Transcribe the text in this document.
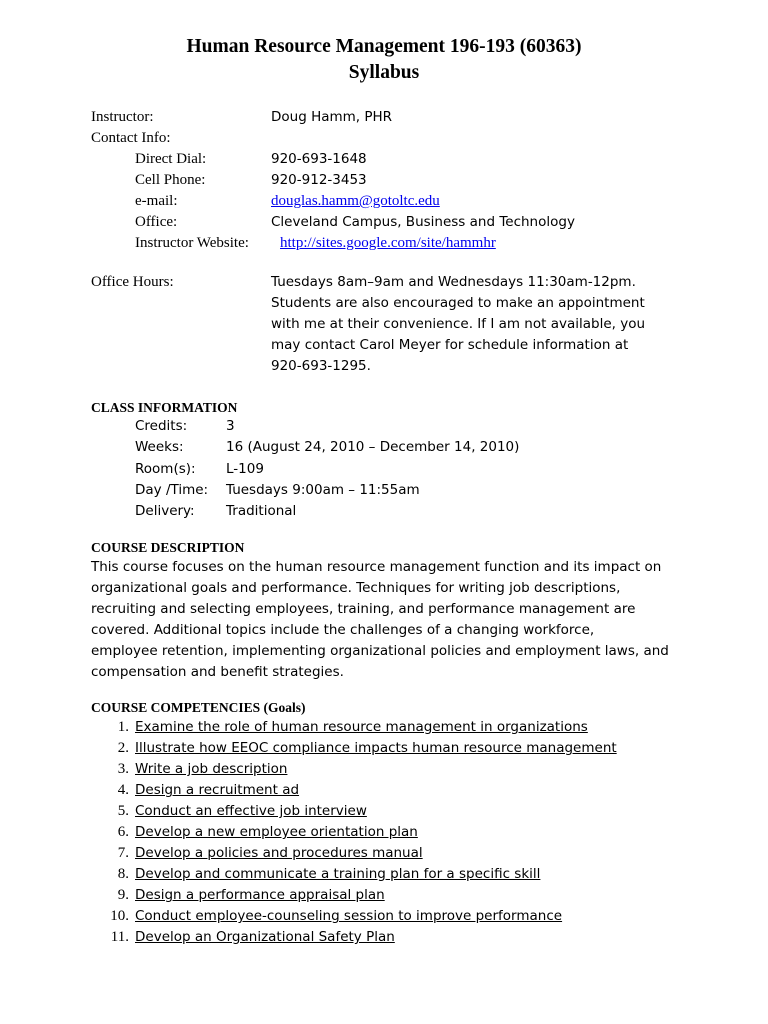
Human Resource Management 196-193 (60363)
Syllabus
Instructor:	Doug Hamm, PHR
Contact Info:
Direct Dial:	920-693-1648
Cell Phone:	920-912-3453
e-mail:	douglas.hamm@gotoltc.edu
Office:	Cleveland Campus, Business and Technology
Instructor Website: http://sites.google.com/site/hammhr
Office Hours:	Tuesdays 8am–9am and Wednesdays 11:30am-12pm.
Students are also encouraged to make an appointment
with me at their convenience. If I am not available, you
may contact Carol Meyer for schedule information at
920-693-1295.
CLASS INFORMATION
Credits:	3
Weeks:	16 (August 24, 2010 – December 14, 2010)
Room(s): L-109
Day /Time: Tuesdays 9:00am – 11:55am
Delivery: Traditional
COURSE DESCRIPTION
This course focuses on the human resource management function and its impact on
organizational goals and performance. Techniques for writing job descriptions,
recruiting and selecting employees, training, and performance management are
covered. Additional topics include the challenges of a changing workforce,
employee retention, implementing organizational policies and employment laws, and
compensation and benefit strategies.
COURSE COMPETENCIES (Goals)
1. Examine the role of human resource management in organizations
2. Illustrate how EEOC compliance impacts human resource management
3. Write a job description
4. Design a recruitment ad
5. Conduct an effective job interview
6. Develop a new employee orientation plan
7. Develop a policies and procedures manual
8. Develop and communicate a training plan for a specific skill
9. Design a performance appraisal plan
10. Conduct employee-counseling session to improve performance
11. Develop an Organizational Safety Plan
